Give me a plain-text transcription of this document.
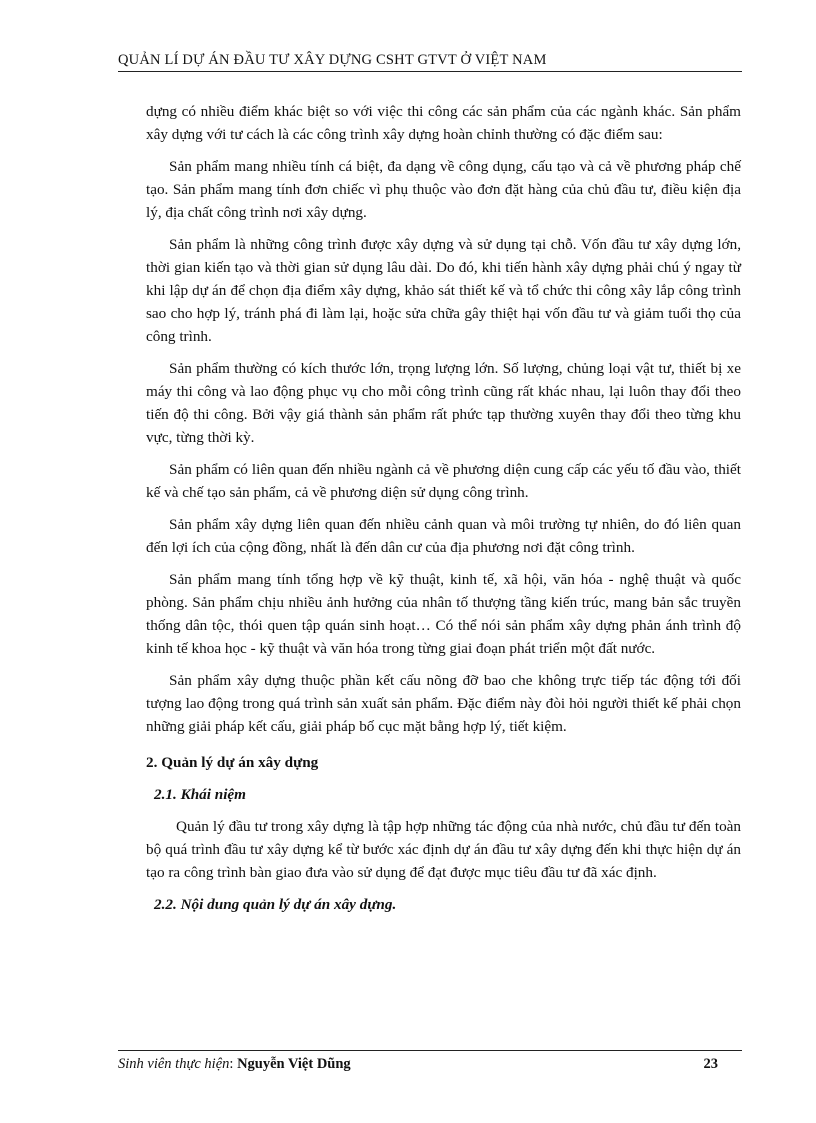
QUẢN LÍ DỰ ÁN ĐẦU TƯ XÂY DỰNG CSHT GTVT Ở VIỆT NAM

dựng có nhiều điểm khác biệt so với việc thi công các sản phẩm của các ngành khác. Sản phẩm xây dựng với tư cách là các công trình xây dựng hoàn chỉnh thường có đặc điểm sau:

Sản phẩm mang nhiều tính cá biệt, đa dạng về công dụng, cấu tạo và cả về phương pháp chế tạo. Sản phẩm mang tính đơn chiếc vì phụ thuộc vào đơn đặt hàng của chủ đầu tư, điều kiện địa lý, địa chất công trình nơi xây dựng.

Sản phẩm là những công trình được xây dựng và sử dụng tại chỗ. Vốn đầu tư xây dựng lớn, thời gian kiến tạo và thời gian sử dụng lâu dài. Do đó, khi tiến hành xây dựng phải chú ý ngay từ khi lập dự án để chọn địa điểm xây dựng, khảo sát thiết kế và tổ chức thi công xây lắp công trình sao cho hợp lý, tránh phá đi làm lại, hoặc sửa chữa gây thiệt hại vốn đầu tư và giảm tuổi thọ của công trình.

Sản phẩm thường có kích thước lớn, trọng lượng lớn. Số lượng, chủng loại vật tư, thiết bị xe máy thi công và lao động phục vụ cho mỗi công trình cũng rất khác nhau, lại luôn thay đổi theo tiến độ thi công. Bởi vậy giá thành sản phẩm rất phức tạp thường xuyên thay đổi theo từng khu vực, từng thời kỳ.

Sản phẩm có liên quan đến nhiều ngành cả về phương diện cung cấp các yếu tố đầu vào, thiết kế và chế tạo sản phẩm, cả về phương diện sử dụng công trình.

Sản phẩm xây dựng liên quan đến nhiều cảnh quan và môi trường tự nhiên, do đó liên quan đến lợi ích của cộng đồng, nhất là đến dân cư của địa phương nơi đặt công trình.

Sản phẩm mang tính tổng hợp về kỹ thuật, kinh tế, xã hội, văn hóa - nghệ thuật và quốc phòng. Sản phẩm chịu nhiều ảnh hưởng của nhân tố thượng tầng kiến trúc, mang bản sắc truyền thống dân tộc, thói quen tập quán sinh hoạt… Có thể nói sản phẩm xây dựng phản ánh trình độ kinh tế khoa học - kỹ thuật và văn hóa trong từng giai đoạn phát triển một đất nước.

Sản phẩm xây dựng thuộc phần kết cấu nõng đỡ bao che không trực tiếp tác động tới đối tượng lao động trong quá trình sản xuất sản phẩm. Đặc điểm này đòi hỏi người thiết kế phải chọn những giải pháp kết cấu, giải pháp bố cục mặt bằng hợp lý, tiết kiệm.

2. Quản lý dự án xây dựng
2.1. Khái niệm

Quản lý đầu tư trong xây dựng là tập hợp những tác động của nhà nước, chủ đầu tư đến toàn bộ quá trình đầu tư xây dựng kể từ bước xác định dự án đầu tư xây dựng đến khi thực hiện dự án tạo ra công trình bàn giao đưa vào sử dụng để đạt được mục tiêu đầu tư đã xác định.

2.2. Nội dung quản lý dự án xây dựng.
Sinh viên thực hiện: Nguyễn Việt Dũng	23
